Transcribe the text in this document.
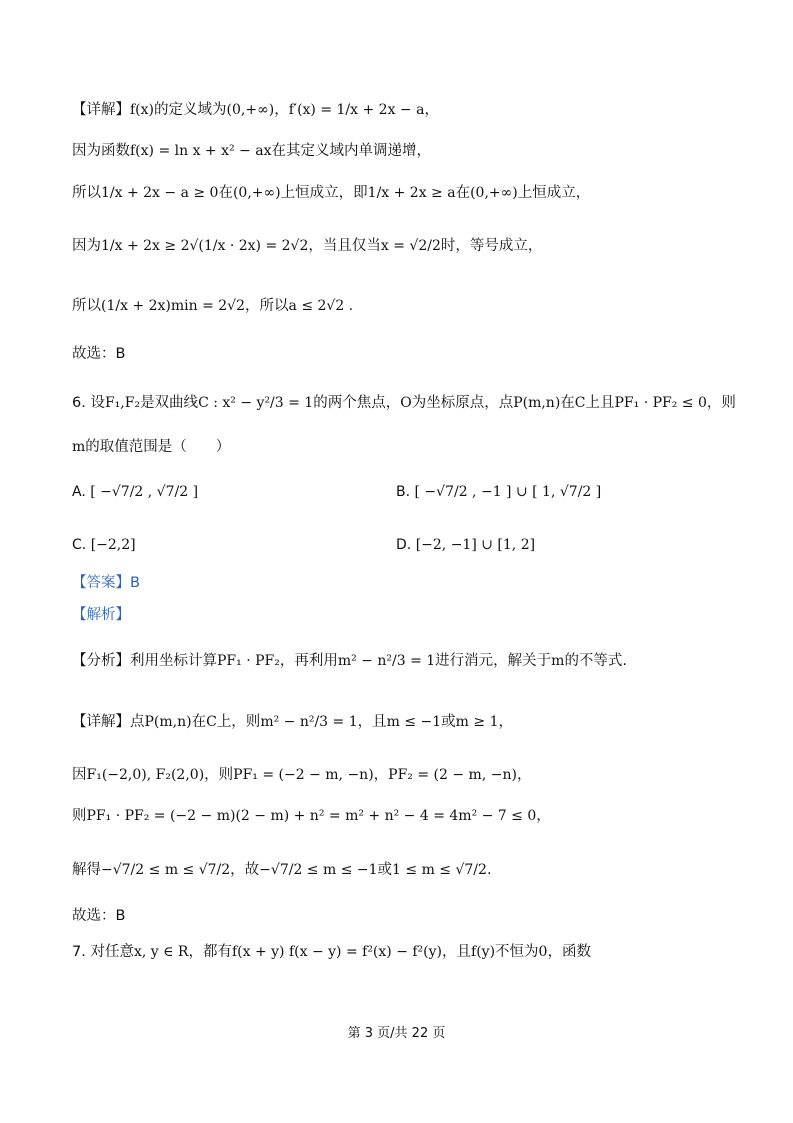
【详解】f(x)的定义域为(0,+∞)，f′(x) = 1/x + 2x − a，
因为函数f(x) = ln x + x² − ax在其定义域内单调递增，
所以1/x + 2x − a ≥ 0在(0,+∞)上恒成立，即1/x + 2x ≥ a在(0,+∞)上恒成立，
因为1/x + 2x ≥ 2√(1/x · 2x) = 2√2，当且仅当x = √2/2时，等号成立，
所以(1/x + 2x)min = 2√2，所以a ≤ 2√2 .
故选：B
6. 设F₁,F₂是双曲线C : x² − y²/3 = 1的两个焦点，O为坐标原点，点P(m,n)在C上且PF₁ · PF₂ ≤ 0，则
m的取值范围是（　　）
A. [ −√7/2 , √7/2 ]	B. [ −√7/2 , −1 ] ∪ [ 1, √7/2 ]
C. [−2,2]	D. [−2, −1] ∪ [1, 2]
【答案】B
【解析】
【分析】利用坐标计算PF₁ · PF₂，再利用m² − n²/3 = 1进行消元，解关于m的不等式.
【详解】点P(m,n)在C上，则m² − n²/3 = 1，且m ≤ −1或m ≥ 1，
因F₁(−2,0), F₂(2,0)，则PF₁ = (−2 − m, −n)，PF₂ = (2 − m, −n)，
则PF₁ · PF₂ = (−2 − m)(2 − m) + n² = m² + n² − 4 = 4m² − 7 ≤ 0，
解得−√7/2 ≤ m ≤ √7/2，故−√7/2 ≤ m ≤ −1或1 ≤ m ≤ √7/2.
故选：B
7. 对任意x, y ∈ R，都有f(x + y) f(x − y) = f²(x) − f²(y)，且f(y)不恒为0，函数
第 3 页/共 22 页
